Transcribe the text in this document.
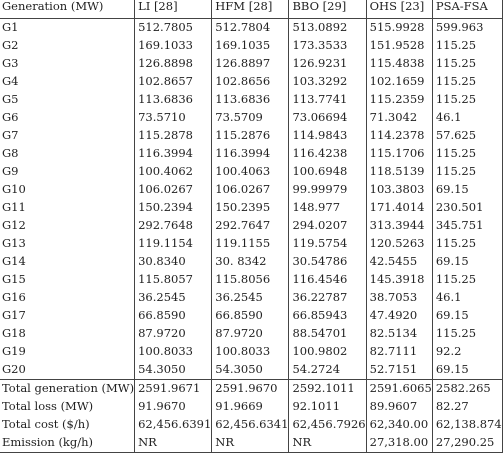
Generation (MW)	LI [28]	HFM [28]	BBO [29]	OHS [23]	PSA-FSA
G1	512.7805	512.7804	513.0892	515.9928	599.963
G2	169.1033	169.1035	173.3533	151.9528	115.25
G3	126.8898	126.8897	126.9231	115.4838	115.25
G4	102.8657	102.8656	103.3292	102.1659	115.25
G5	113.6836	113.6836	113.7741	115.2359	115.25
G6	73.5710	73.5709	73.06694	71.3042	46.1
G7	115.2878	115.2876	114.9843	114.2378	57.625
G8	116.3994	116.3994	116.4238	115.1706	115.25
G9	100.4062	100.4063	100.6948	118.5139	115.25
G10	106.0267	106.0267	99.99979	103.3803	69.15
G11	150.2394	150.2395	148.977	171.4014	230.501
G12	292.7648	292.7647	294.0207	313.3944	345.751
G13	119.1154	119.1155	119.5754	120.5263	115.25
G14	30.8340	30. 8342	30.54786	42.5455	69.15
G15	115.8057	115.8056	116.4546	145.3918	115.25
G16	36.2545	36.2545	36.22787	38.7053	46.1
G17	66.8590	66.8590	66.85943	47.4920	69.15
G18	87.9720	87.9720	88.54701	82.5134	115.25
G19	100.8033	100.8033	100.9802	82.7111	92.2
G20	54.3050	54.3050	54.2724	52.7151	69.15
Total generation (MW)	2591.9671	2591.9670	2592.1011	2591.6065	2582.265
Total loss (MW)	91.9670	91.9669	92.1011	89.9607	82.27
Total cost ($/h)	62,456.6391	62,456.6341	62,456.7926	62,340.00	62,138.874
Emission (kg/h)	NR	NR	NR	27,318.00	27,290.25
